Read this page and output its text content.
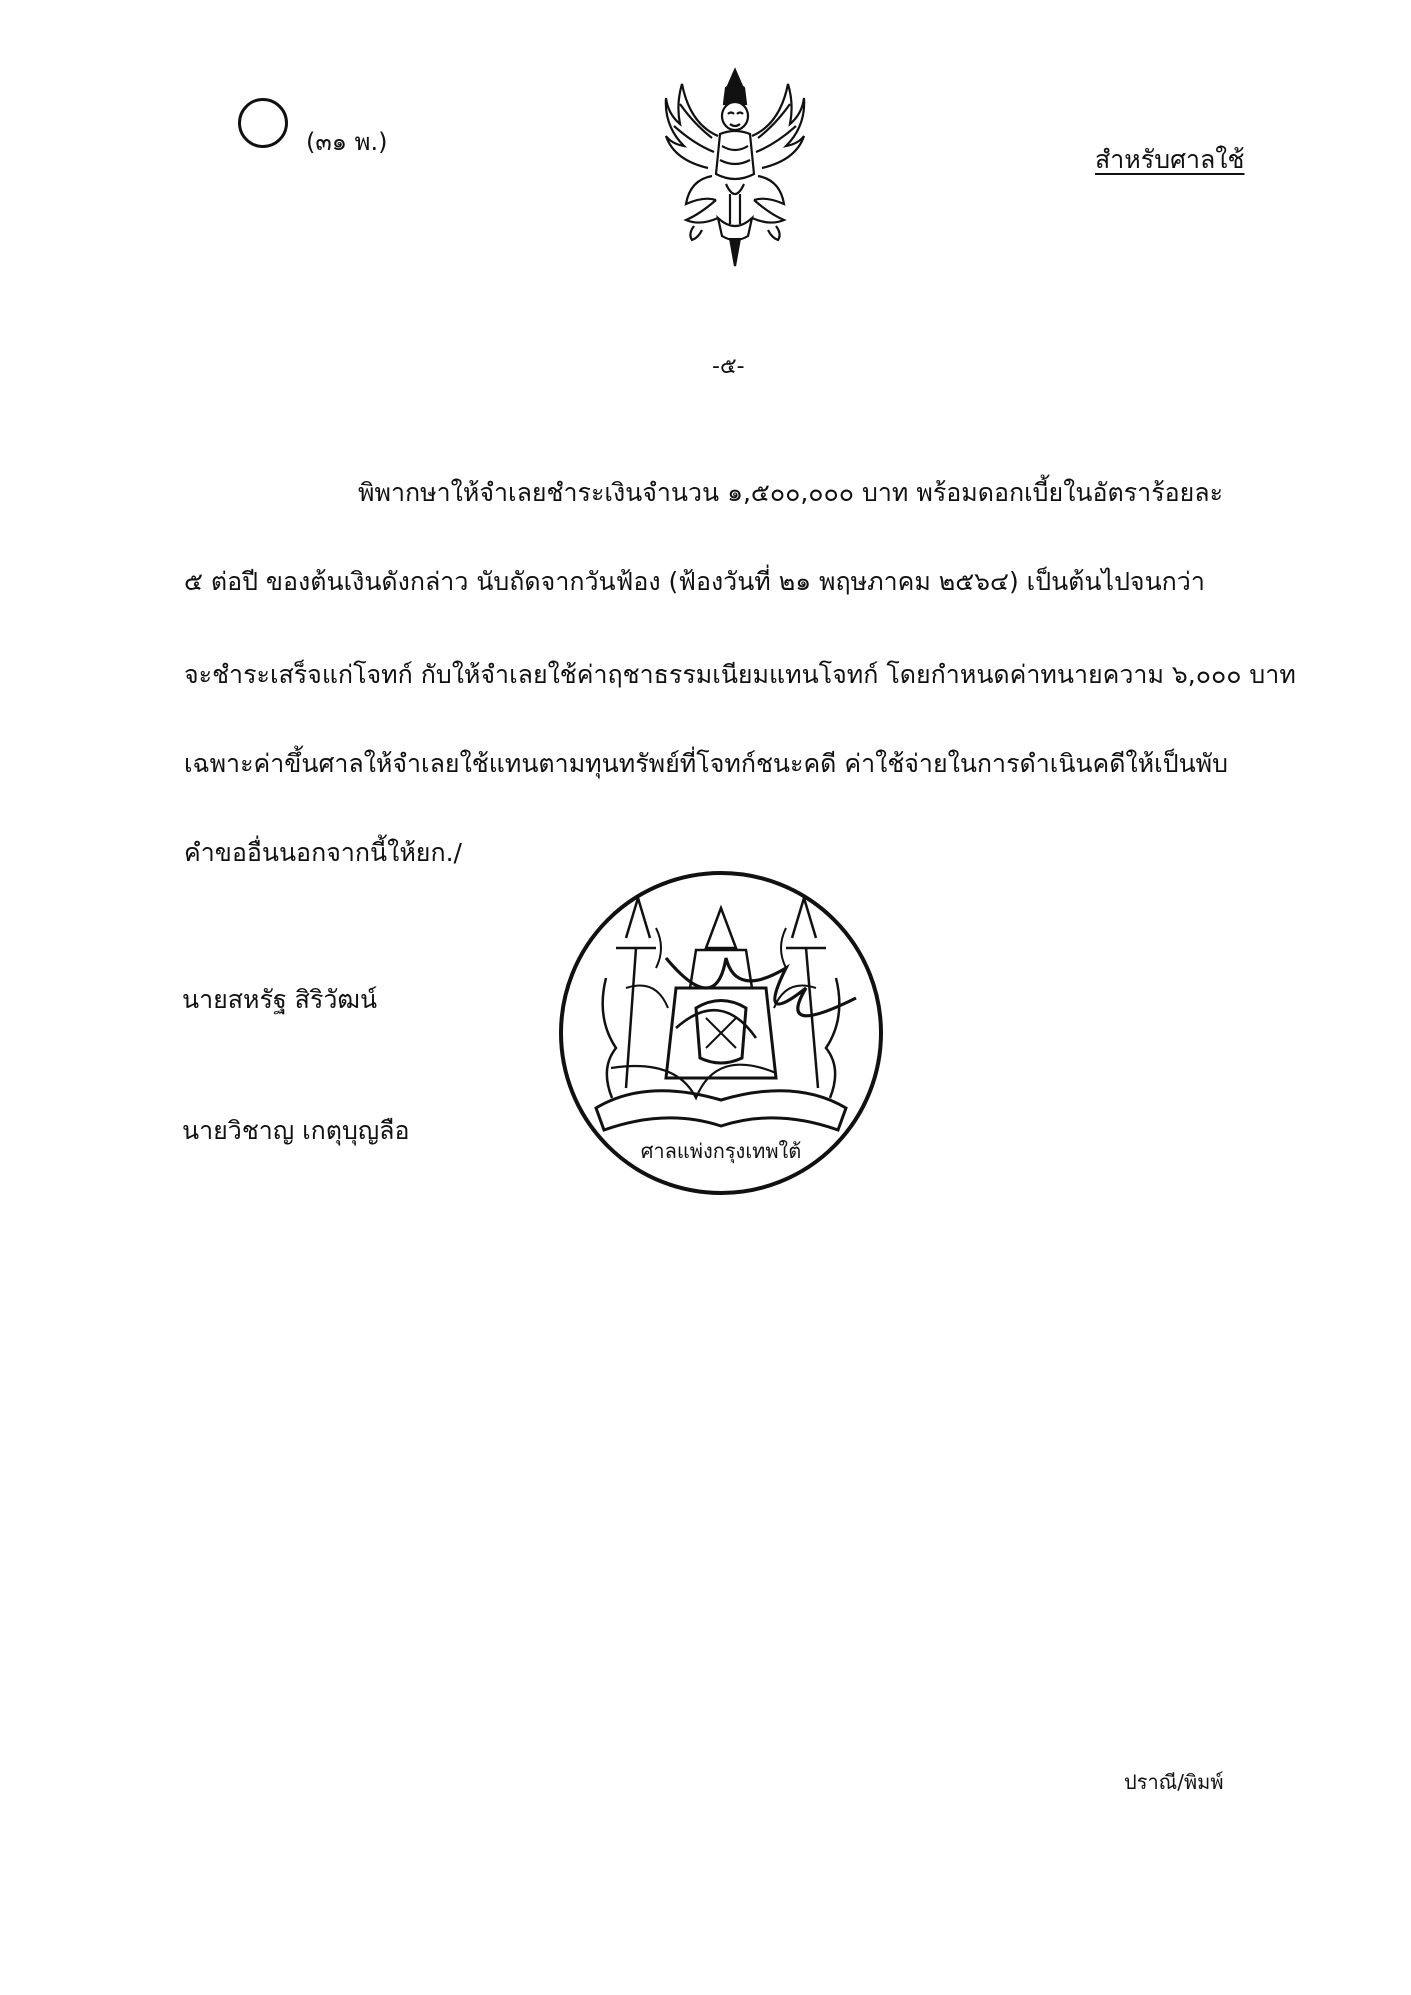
(๓๑ พ.)
สำหรับศาลใช้
-๕-
พิพากษาให้จำเลยชำระเงินจำนวน ๑,๕๐๐,๐๐๐ บาท พร้อมดอกเบี้ยในอัตราร้อยละ
๕ ต่อปี ของต้นเงินดังกล่าว นับถัดจากวันฟ้อง (ฟ้องวันที่ ๒๑ พฤษภาคม ๒๕๖๔) เป็นต้นไปจนกว่า
จะชำระเสร็จแก่โจทก์ กับให้จำเลยใช้ค่าฤชาธรรมเนียมแทนโจทก์ โดยกำหนดค่าทนายความ ๖,๐๐๐ บาท
เฉพาะค่าขึ้นศาลให้จำเลยใช้แทนตามทุนทรัพย์ที่โจทก์ชนะคดี ค่าใช้จ่ายในการดำเนินคดีให้เป็นพับ
คำขออื่นนอกจากนี้ให้ยก./
นายสหรัฐ สิริวัฒน์
นายวิชาญ เกตุบุญลือ
ศาลแพ่งกรุงเทพใต้
ปราณี/พิมพ์
